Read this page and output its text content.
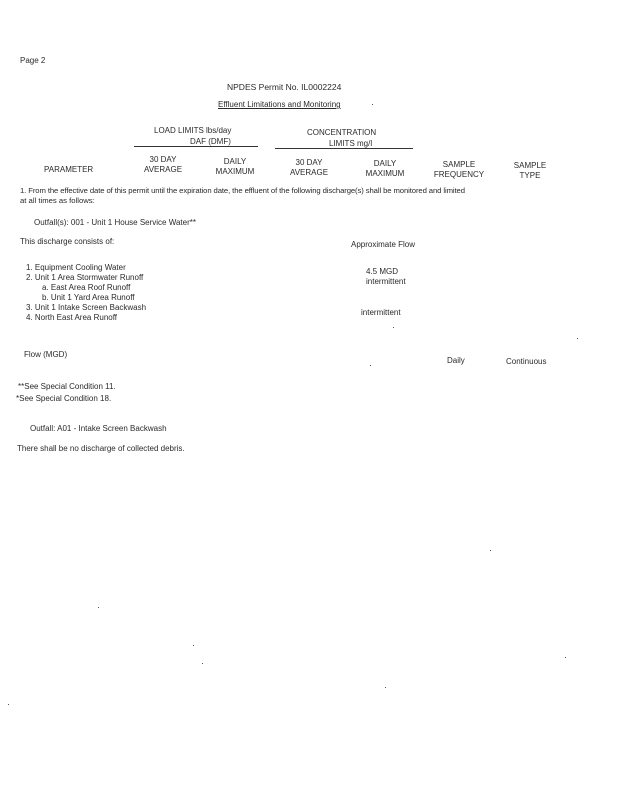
Page 2
NPDES Permit No. IL0002224
Effluent Limitations and Monitoring
LOAD LIMITS lbs/day
DAF (DMF)
CONCENTRATION
LIMITS mg/l
PARAMETER
30 DAY
AVERAGE
DAILY
MAXIMUM
30 DAY
AVERAGE
DAILY
MAXIMUM
SAMPLE
FREQUENCY
SAMPLE
TYPE
1. From the effective date of this permit until the expiration date, the effluent of the following discharge(s) shall be monitored and limited
at all times as follows:
Outfall(s): 001 - Unit 1 House Service Water**
This discharge consists of:	Approximate Flow
1. Equipment Cooling Water
2. Unit 1 Area Stormwater Runoff
a. East Area Roof Runoff
b. Unit 1 Yard Area Runoff
3. Unit 1 Intake Screen Backwash
4. North East Area Runoff
4.5 MGD
intermittent
intermittent
Flow (MGD)
Daily	Continuous
**See Special Condition 11.
*See Special Condition 18.
Outfall: A01 - Intake Screen Backwash
There shall be no discharge of collected debris.
